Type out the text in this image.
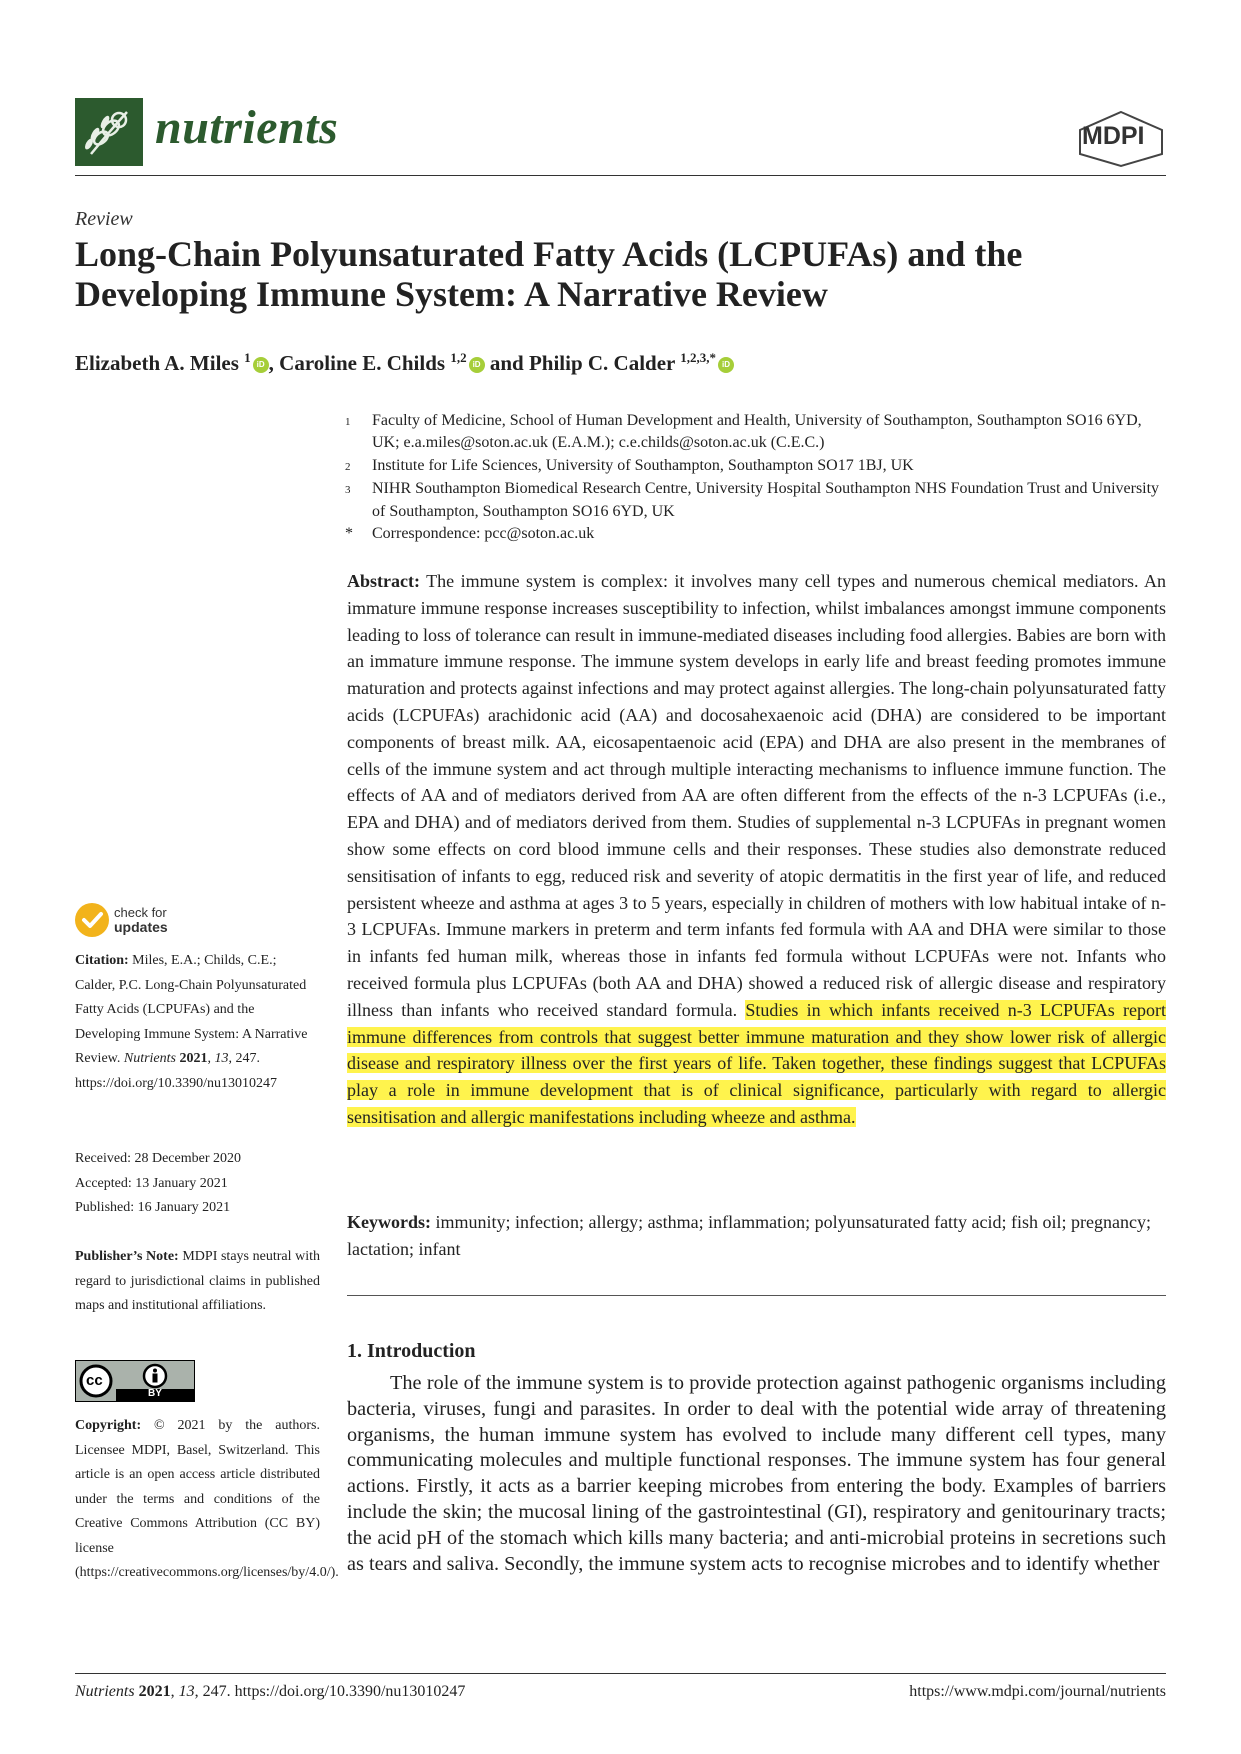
nutrients	MDPI
Review
Long-Chain Polyunsaturated Fatty Acids (LCPUFAs) and the Developing Immune System: A Narrative Review
Elizabeth A. Miles $^1$ iD , Caroline E. Childs $^{1,2}$ iD and Philip C. Calder $^{1,2,3,*}$ iD
1	Faculty of Medicine, School of Human Development and Health, University of Southampton, Southampton SO16 6YD, UK; e.a.miles@soton.ac.uk (E.A.M.); c.e.childs@soton.ac.uk (C.E.C.)
2	Institute for Life Sciences, University of Southampton, Southampton SO17 1BJ, UK
3	NIHR Southampton Biomedical Research Centre, University Hospital Southampton NHS Foundation Trust and University of Southampton, Southampton SO16 6YD, UK
*	Correspondence: pcc@soton.ac.uk
Abstract: The immune system is complex: it involves many cell types and numerous chemical mediators. An immature immune response increases susceptibility to infection, whilst imbalances amongst immune components leading to loss of tolerance can result in immune-mediated diseases including food allergies. Babies are born with an immature immune response. The immune system develops in early life and breast feeding promotes immune maturation and protects against infections and may protect against allergies. The long-chain polyunsaturated fatty acids (LCPUFAs) arachidonic acid (AA) and docosahexaenoic acid (DHA) are considered to be important components of breast milk. AA, eicosapentaenoic acid (EPA) and DHA are also present in the membranes of cells of the immune system and act through multiple interacting mechanisms to influence immune function. The effects of AA and of mediators derived from AA are often different from the effects of the n-3 LCPUFAs (i.e., EPA and DHA) and of mediators derived from them. Studies of supplemental n-3 LCPUFAs in pregnant women show some effects on cord blood immune cells and their responses. These studies also demonstrate reduced sensitisation of infants to egg, reduced risk and severity of atopic dermatitis in the first year of life, and reduced persistent wheeze and asthma at ages 3 to 5 years, especially in children of mothers with low habitual intake of n-3 LCPUFAs. Immune markers in preterm and term infants fed formula with AA and DHA were similar to those in infants fed human milk, whereas those in infants fed formula without LCPUFAs were not. Infants who received formula plus LCPUFAs (both AA and DHA) showed a reduced risk of allergic disease and respiratory illness than infants who received standard formula. Studies in which infants received n-3 LCPUFAs report immune differences from controls that suggest better immune maturation and they show lower risk of allergic disease and respiratory illness over the first years of life. Taken together, these findings suggest that LCPUFAs play a role in immune development that is of clinical significance, particularly with regard to allergic sensitisation and allergic manifestations including wheeze and asthma.
Keywords: immunity; infection; allergy; asthma; inflammation; polyunsaturated fatty acid; fish oil; pregnancy; lactation; infant
1. Introduction
The role of the immune system is to provide protection against pathogenic organisms including bacteria, viruses, fungi and parasites. In order to deal with the potential wide array of threatening organisms, the human immune system has evolved to include many different cell types, many communicating molecules and multiple functional responses. The immune system has four general actions. Firstly, it acts as a barrier keeping microbes from entering the body. Examples of barriers include the skin; the mucosal lining of the gastrointestinal (GI), respiratory and genitourinary tracts; the acid pH of the stomach which kills many bacteria; and anti-microbial proteins in secretions such as tears and saliva. Secondly, the immune system acts to recognise microbes and to identify whether
check for
updates
Citation: Miles, E.A.; Childs, C.E.; Calder, P.C. Long-Chain Polyunsaturated Fatty Acids (LCPUFAs) and the Developing Immune System: A Narrative Review. Nutrients 2021, 13, 247. https://doi.org/10.3390/nu13010247
Received: 28 December 2020
Accepted: 13 January 2021
Published: 16 January 2021
Publisher’s Note: MDPI stays neutral with regard to jurisdictional claims in published maps and institutional affiliations.
cc
BY
Copyright: © 2021 by the authors. Licensee MDPI, Basel, Switzerland. This article is an open access article distributed under the terms and conditions of the Creative Commons Attribution (CC BY) license (https://creativecommons.org/licenses/by/4.0/).
Nutrients 2021, 13, 247. https://doi.org/10.3390/nu13010247	https://www.mdpi.com/journal/nutrients
